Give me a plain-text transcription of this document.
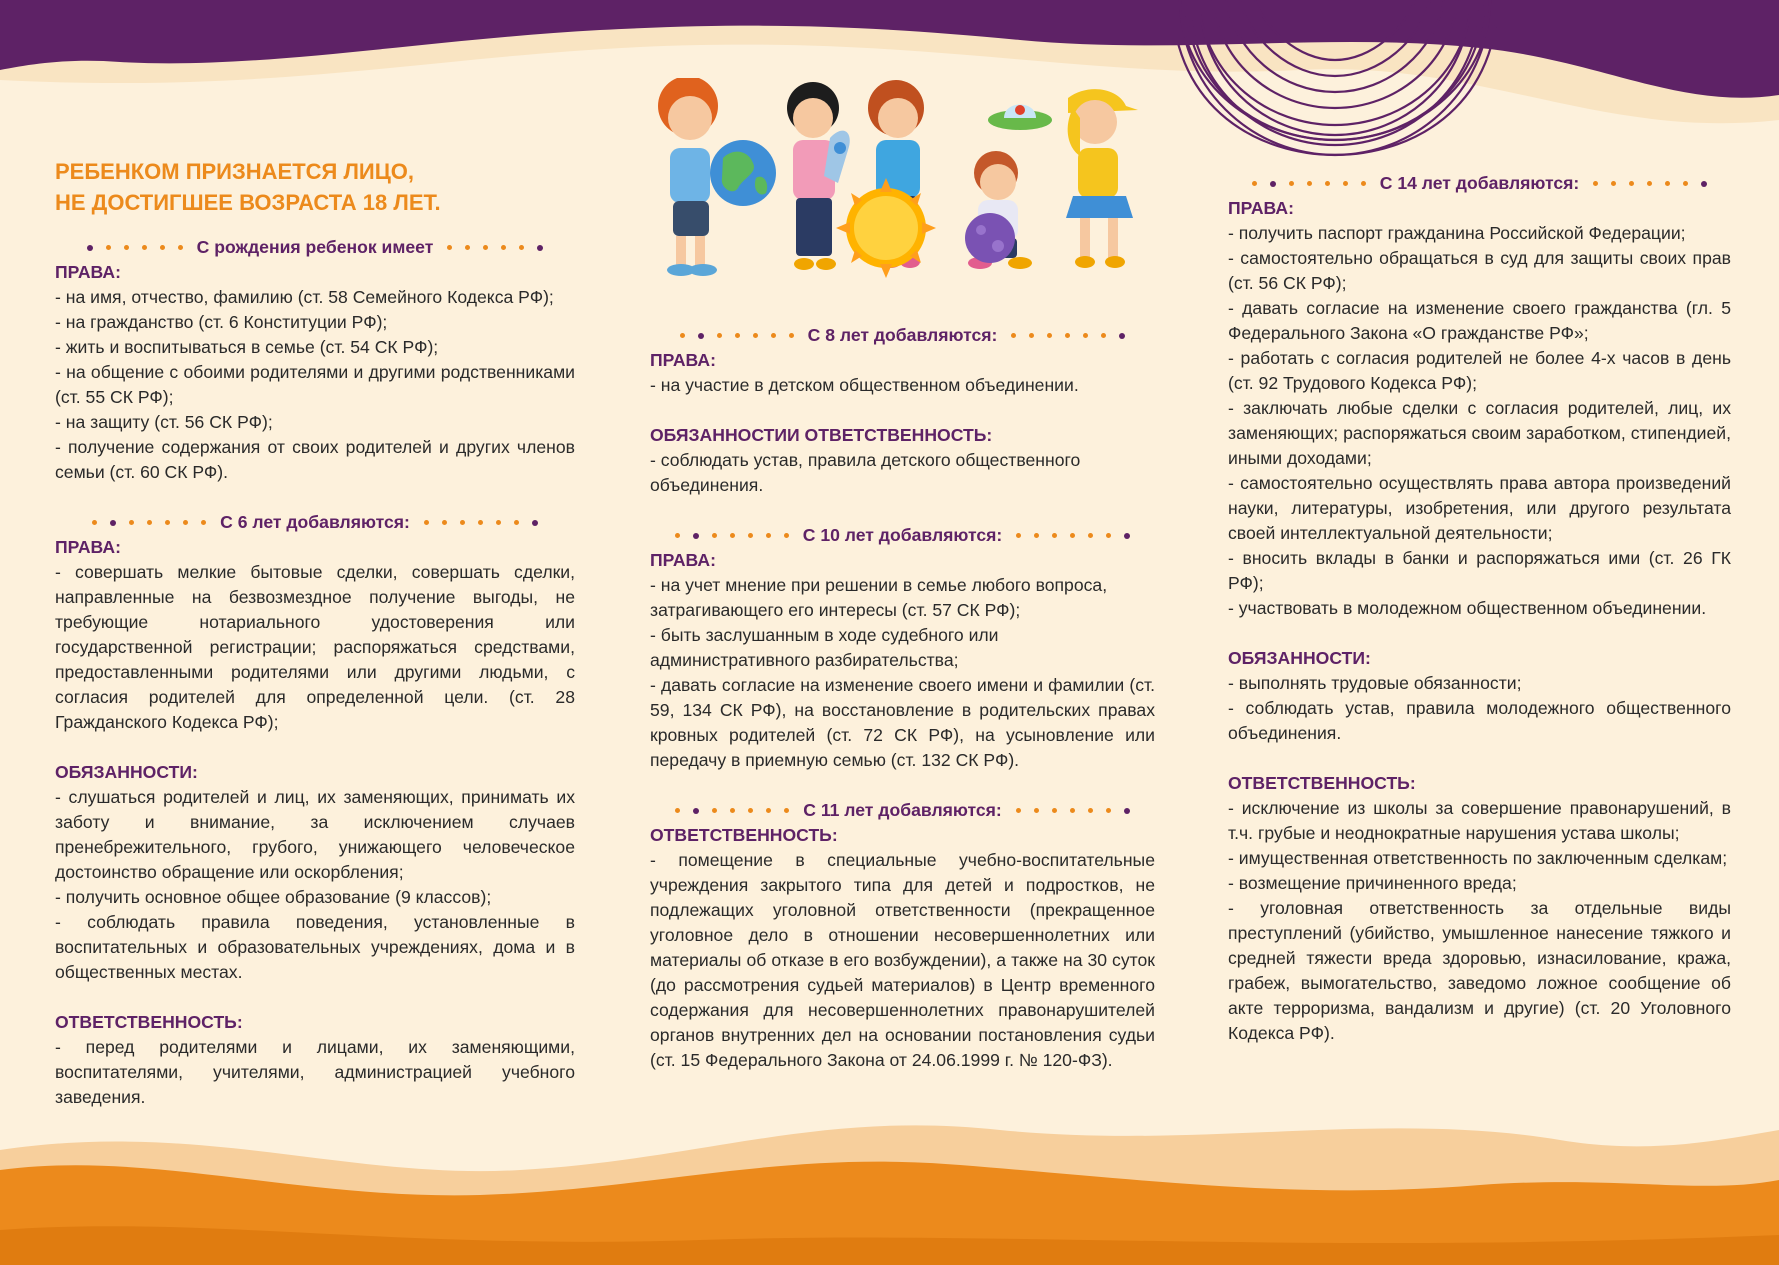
РЕБЕНКОМ ПРИЗНАЕТСЯ ЛИЦО,
НЕ ДОСТИГШЕЕ ВОЗРАСТА 18 ЛЕТ.
С рождения ребенок имеет
ПРАВА:

- на имя, отчество, фамилию (ст. 58 Семейного Кодекса РФ);

- на гражданство (ст. 6 Конституции РФ);

- жить и воспитываться в семье (ст. 54 СК РФ);

- на общение с обоими родителями и другими родственниками (ст. 55 СК РФ);

- на защиту (ст. 56 СК РФ);

- получение содержания от своих родителей и других членов семьи (ст. 60 СК РФ).

С 6 лет добавляются:
ПРАВА:

- совершать мелкие бытовые сделки, совершать сделки, направленные на безвозмездное получение выгоды, не требующие нотариального удостоверения или государственной регистрации; распоряжаться средствами, предоставленными родителями или другими людьми, с согласия родителей для определенной цели. (ст. 28 Гражданского Кодекса РФ);

ОБЯЗАННОСТИ:

- слушаться родителей и лиц, их заменяющих, принимать их заботу и внимание, за исключением случаев пренебрежительного, грубого, унижающего человеческое достоинство обращение или оскорбления;

- получить основное общее образование (9 классов);

- соблюдать правила поведения, установленные в воспитательных и образовательных учреждениях, дома и в общественных местах.

ОТВЕТСТВЕННОСТЬ:

- перед родителями и лицами, их заменяющими, воспитателями, учителями, администрацией учебного заведения.

С 8 лет добавляются:
ПРАВА:

- на участие в детском общественном объединении.

ОБЯЗАННОСТИИ ОТВЕТСТВЕННОСТЬ:

- соблюдать устав, правила детского общественного объединения.

С 10 лет добавляются:
ПРАВА:

- на учет мнение при решении в семье любого вопроса, затрагивающего его интересы (ст. 57 СК РФ);

- быть заслушанным в ходе судебного или административного разбирательства;

- давать согласие на изменение своего имени и фамилии (ст. 59, 134 СК РФ), на восстановление в родительских правах кровных родителей (ст. 72 СК РФ), на усыновление или передачу в приемную семью (ст. 132 СК РФ).

С 11 лет добавляются:
ОТВЕТСТВЕННОСТЬ:

- помещение в специальные учебно-воспитательные учреждения закрытого типа для детей и подростков, не подлежащих уголовной ответственности (прекращенное уголовное дело в отношении несовершеннолетних или материалы об отказе в его возбуждении), а также на 30 суток (до рассмотрения судьей материалов) в Центр временного содержания для несовершеннолетних правонарушителей органов внутренних дел на основании постановления судьи (ст. 15 Федерального Закона от 24.06.1999 г. № 120-ФЗ).

С 14 лет добавляются:
ПРАВА:

- получить паспорт гражданина Российской Федерации;

- самостоятельно обращаться в суд для защиты своих прав (ст. 56 СК РФ);

- давать согласие на изменение своего гражданства (гл. 5 Федерального Закона «О гражданстве РФ»;

- работать с согласия родителей не более 4-х часов в день (ст. 92 Трудового Кодекса РФ);

- заключать любые сделки с согласия родителей, лиц, их заменяющих; распоряжаться своим заработком, стипендией, иными доходами;

- самостоятельно осуществлять права автора произведений науки, литературы, изобретения, или другого результата своей интеллектуальной деятельности;

- вносить вклады в банки и распоряжаться ими (ст. 26 ГК РФ);

- участвовать в молодежном общественном объединении.

ОБЯЗАННОСТИ:

- выполнять трудовые обязанности;

- соблюдать устав, правила молодежного общественного объединения.

ОТВЕТСТВЕННОСТЬ:

- исключение из школы за совершение правонарушений, в т.ч. грубые и неоднократные нарушения устава школы;

- имущественная ответственность по заключенным сделкам;

- возмещение причиненного вреда;

- уголовная ответственность за отдельные виды преступлений (убийство, умышленное нанесение тяжкого и средней тяжести вреда здоровью, изнасилование, кража, грабеж, вымогательство, заведомо ложное сообщение об акте терроризма, вандализм и другие) (ст. 20 Уголовного Кодекса РФ).
